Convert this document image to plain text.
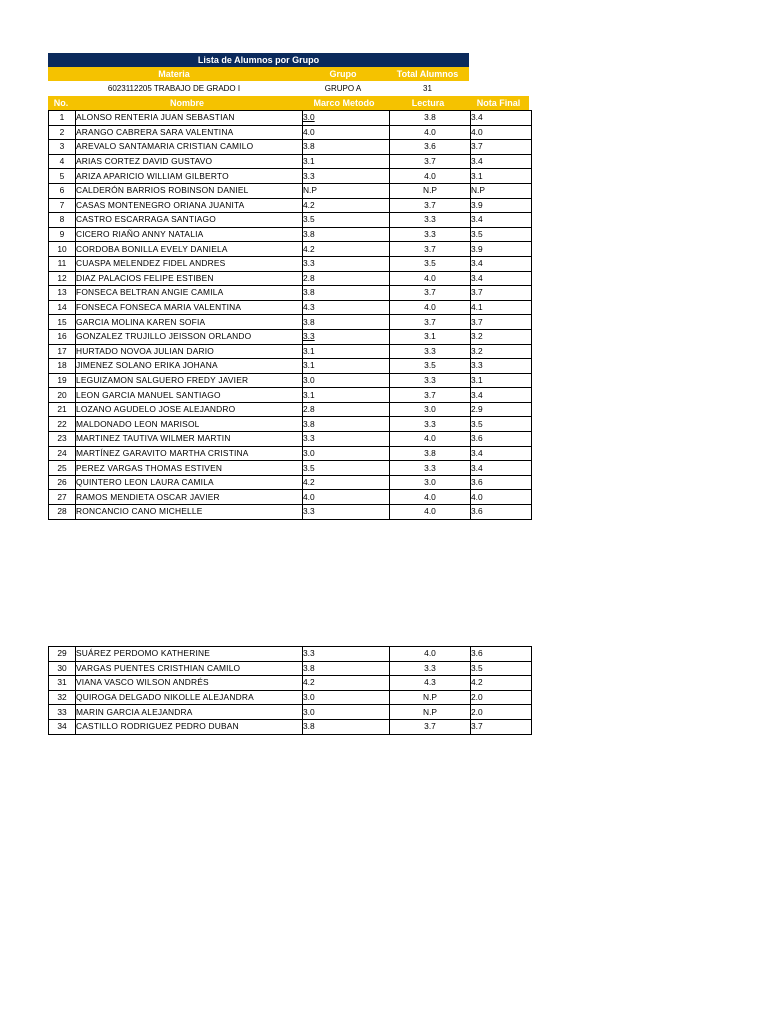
Lista de Alumnos por Grupo
Materia	Grupo	Total Alumnos
6023112205 TRABAJO DE GRADO I	GRUPO A	31
No.	Nombre	Marco Metodo	Lectura	Nota Final
1	ALONSO RENTERIA JUAN SEBASTIAN	3.0	3.8	3.4
2	ARANGO CABRERA SARA VALENTINA	4.0	4.0	4.0
3	AREVALO SANTAMARIA CRISTIAN CAMILO	3.8	3.6	3.7
4	ARIAS CORTEZ DAVID GUSTAVO	3.1	3.7	3.4
5	ARIZA APARICIO WILLIAM GILBERTO	3.3	4.0	3.1
6	CALDERÓN BARRIOS ROBINSON DANIEL	N.P	N.P	N.P
7	CASAS MONTENEGRO ORIANA JUANITA	4.2	3.7	3.9
8	CASTRO ESCARRAGA SANTIAGO	3.5	3.3	3.4
9	CICERO RIAÑO ANNY NATALIA	3.8	3.3	3.5
10	CORDOBA BONILLA EVELY DANIELA	4.2	3.7	3.9
11	CUASPA MELENDEZ FIDEL ANDRES	3.3	3.5	3.4
12	DIAZ PALACIOS FELIPE ESTIBEN	2.8	4.0	3.4
13	FONSECA BELTRAN ANGIE CAMILA	3.8	3.7	3.7
14	FONSECA FONSECA MARIA VALENTINA	4.3	4.0	4.1
15	GARCIA MOLINA KAREN SOFIA	3.8	3.7	3.7
16	GONZALEZ TRUJILLO JEISSON ORLANDO	3.3	3.1	3.2
17	HURTADO NOVOA JULIAN DARIO	3.1	3.3	3.2
18	JIMENEZ SOLANO ERIKA JOHANA	3.1	3.5	3.3
19	LEGUIZAMON SALGUERO FREDY JAVIER	3.0	3.3	3.1
20	LEON GARCIA MANUEL SANTIAGO	3.1	3.7	3.4
21	LOZANO AGUDELO JOSE ALEJANDRO	2.8	3.0	2.9
22	MALDONADO LEON MARISOL	3.8	3.3	3.5
23	MARTINEZ TAUTIVA WILMER MARTIN	3.3	4.0	3.6
24	MARTÍNEZ GARAVITO MARTHA CRISTINA	3.0	3.8	3.4
25	PEREZ VARGAS THOMAS ESTIVEN	3.5	3.3	3.4
26	QUINTERO LEON LAURA CAMILA	4.2	3.0	3.6
27	RAMOS MENDIETA OSCAR JAVIER	4.0	4.0	4.0
28	RONCANCIO CANO MICHELLE	3.3	4.0	3.6
29	SUÁREZ PERDOMO KATHERINE	3.3	4.0	3.6
30	VARGAS PUENTES CRISTHIAN CAMILO	3.8	3.3	3.5
31	VIANA VASCO WILSON ANDRÉS	4.2	4.3	4.2
32	QUIROGA DELGADO NIKOLLE ALEJANDRA	3.0	N.P	2.0
33	MARIN GARCIA ALEJANDRA	3.0	N.P	2.0
34	CASTILLO RODRIGUEZ PEDRO DUBAN	3.8	3.7	3.7
